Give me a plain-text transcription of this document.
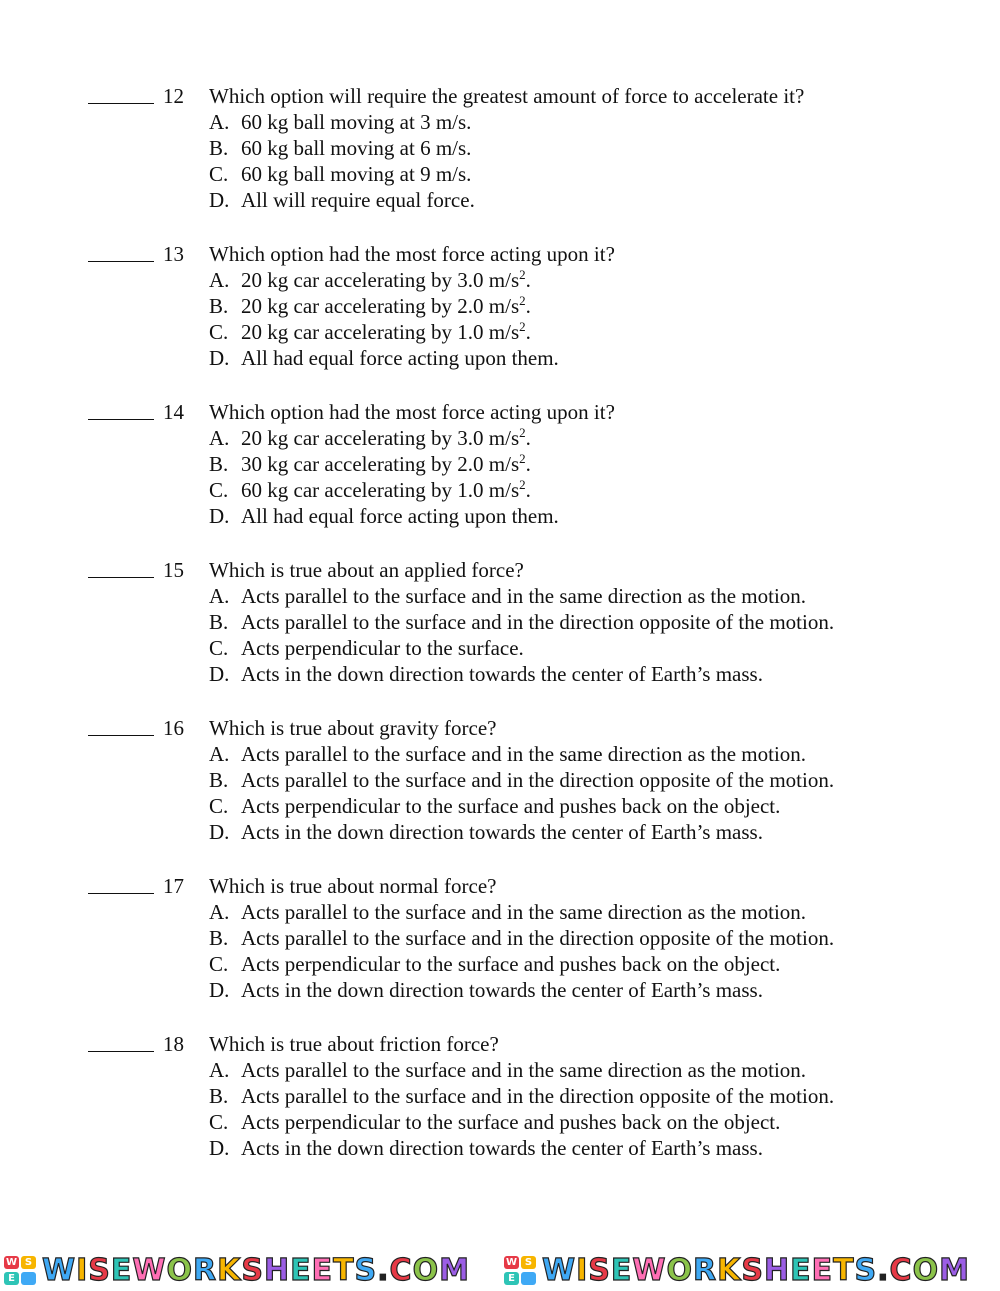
12 Which option will require the greatest amount of force to accelerate it?
A. 60 kg ball moving at 3 m/s.
B. 60 kg ball moving at 6 m/s.
C. 60 kg ball moving at 9 m/s.
D. All will require equal force.
13 Which option had the most force acting upon it?
A. 20 kg car accelerating by 3.0 $m/s^2$.
B. 20 kg car accelerating by 2.0 $m/s^2$.
C. 20 kg car accelerating by 1.0 $m/s^2$.
D. All had equal force acting upon them.
14 Which option had the most force acting upon it?
A. 20 kg car accelerating by 3.0 $m/s^2$.
B. 30 kg car accelerating by 2.0 $m/s^2$.
C. 60 kg car accelerating by 1.0 $m/s^2$.
D. All had equal force acting upon them.
15 Which is true about an applied force?
A. Acts parallel to the surface and in the same direction as the motion.
B. Acts parallel to the surface and in the direction opposite of the motion.
C. Acts perpendicular to the surface.
D. Acts in the down direction towards the center of Earth’s mass.
16 Which is true about gravity force?
A. Acts parallel to the surface and in the same direction as the motion.
B. Acts parallel to the surface and in the direction opposite of the motion.
C. Acts perpendicular to the surface and pushes back on the object.
D. Acts in the down direction towards the center of Earth’s mass.
17 Which is true about normal force?
A. Acts parallel to the surface and in the same direction as the motion.
B. Acts parallel to the surface and in the direction opposite of the motion.
C. Acts perpendicular to the surface and pushes back on the object.
D. Acts in the down direction towards the center of Earth’s mass.
18 Which is true about friction force?
A. Acts parallel to the surface and in the same direction as the motion.
B. Acts parallel to the surface and in the direction opposite of the motion.
C. Acts perpendicular to the surface and pushes back on the object.
D. Acts in the down direction towards the center of Earth’s mass.
W S
E WISEWORKSHEETS.COM	W S
E WISEWORKSHEETS.COM
